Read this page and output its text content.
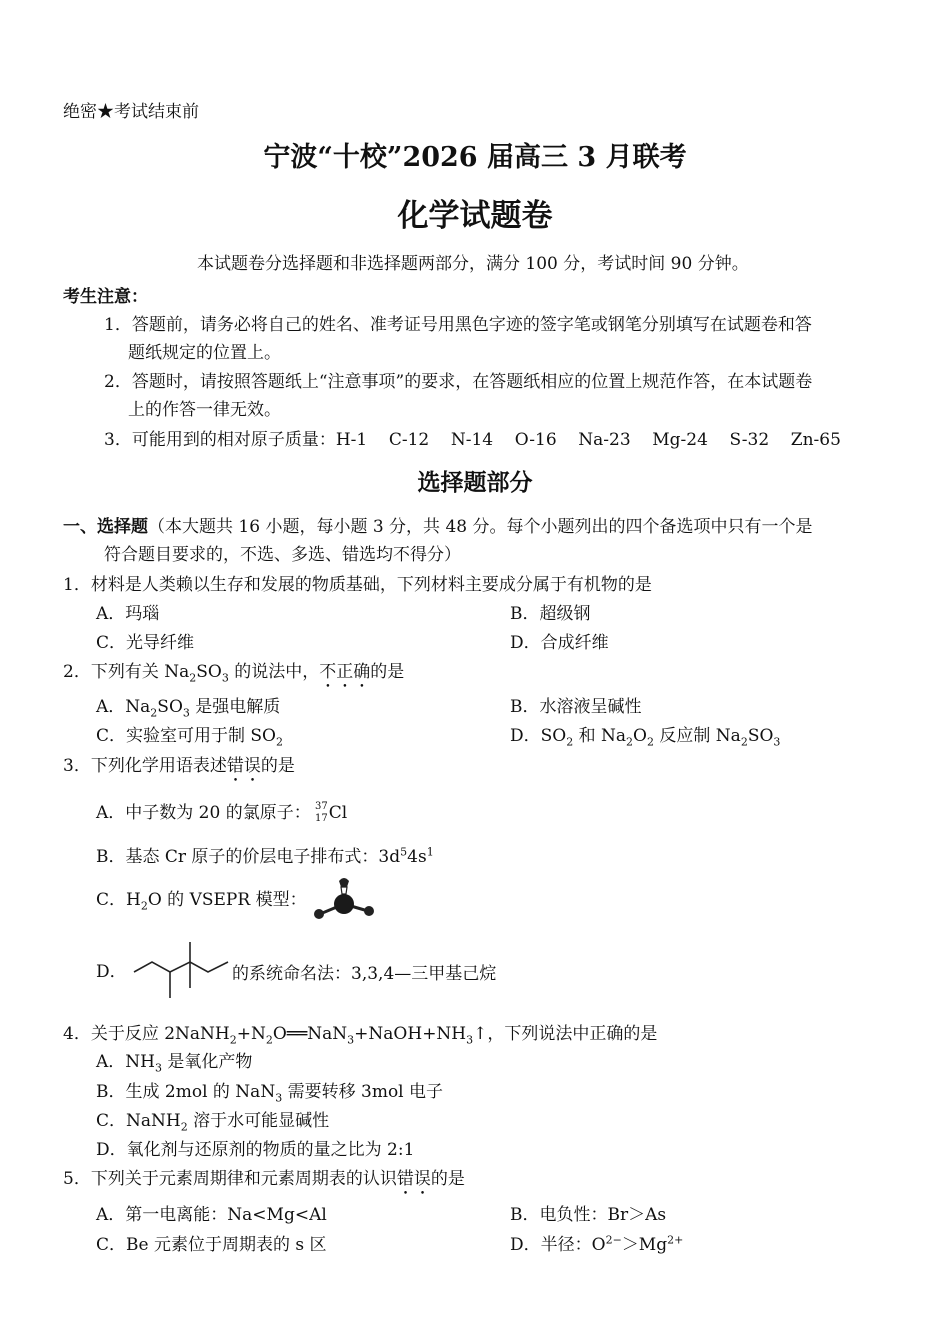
绝密★考试结束前
宁波“十校”2026 届高三 3 月联考
化学试题卷
本试题卷分选择题和非选择题两部分，满分 100 分，考试时间 90 分钟。
考生注意：
1．答题前，请务必将自己的姓名、准考证号用黑色字迹的签字笔或钢笔分别填写在试题卷和答
题纸规定的位置上。
2．答题时，请按照答题纸上“注意事项”的要求，在答题纸相应的位置上规范作答，在本试题卷
上的作答一律无效。
3．可能用到的相对原子质量：H-1    C-12    N-14    O-16    Na-23    Mg-24    S-32    Zn-65
选择题部分
一、选择题（本大题共 16 小题，每小题 3 分，共 48 分。每个小题列出的四个备选项中只有一个是
符合题目要求的，不选、多选、错选均不得分）
1．材料是人类赖以生存和发展的物质基础，下列材料主要成分属于有机物的是
A．玛瑙	B．超级钢
C．光导纤维	D．合成纤维
2．下列有关 $Na_2SO_3$ 的说法中，不正确的是
A．$Na_2SO_3$ 是强电解质	B．水溶液呈碱性
C．实验室可用于制 $SO_2$	D．$SO_2$ 和 $Na_2O_2$ 反应制 $Na_2SO_3$
3．下列化学用语表述错误的是
A．中子数为 20 的氯原子： 37
17 Cl
B．基态 Cr 原子的价层电子排布式：$3d^54s^1$
C．$H_2O$ 的 VSEPR 模型：
D．	的系统命名法：3,3,4—三甲基己烷
4．关于反应 $2NaNH_2+N_2O══NaN_3+NaOH+NH_3↑$，下列说法中正确的是
A．$NH_3$ 是氧化产物
B．生成 2mol 的 NaN$_3$ 需要转移 3mol 电子
C．NaNH$_2$ 溶于水可能显碱性
D．氧化剂与还原剂的物质的量之比为 2:1
5．下列关于元素周期律和元素周期表的认识错误的是
A．第一电离能：Na<Mg<Al	B．电负性：Br＞As
C．Be 元素位于周期表的 s 区	D．半径：$O^{2-}>Mg^{2+}$
